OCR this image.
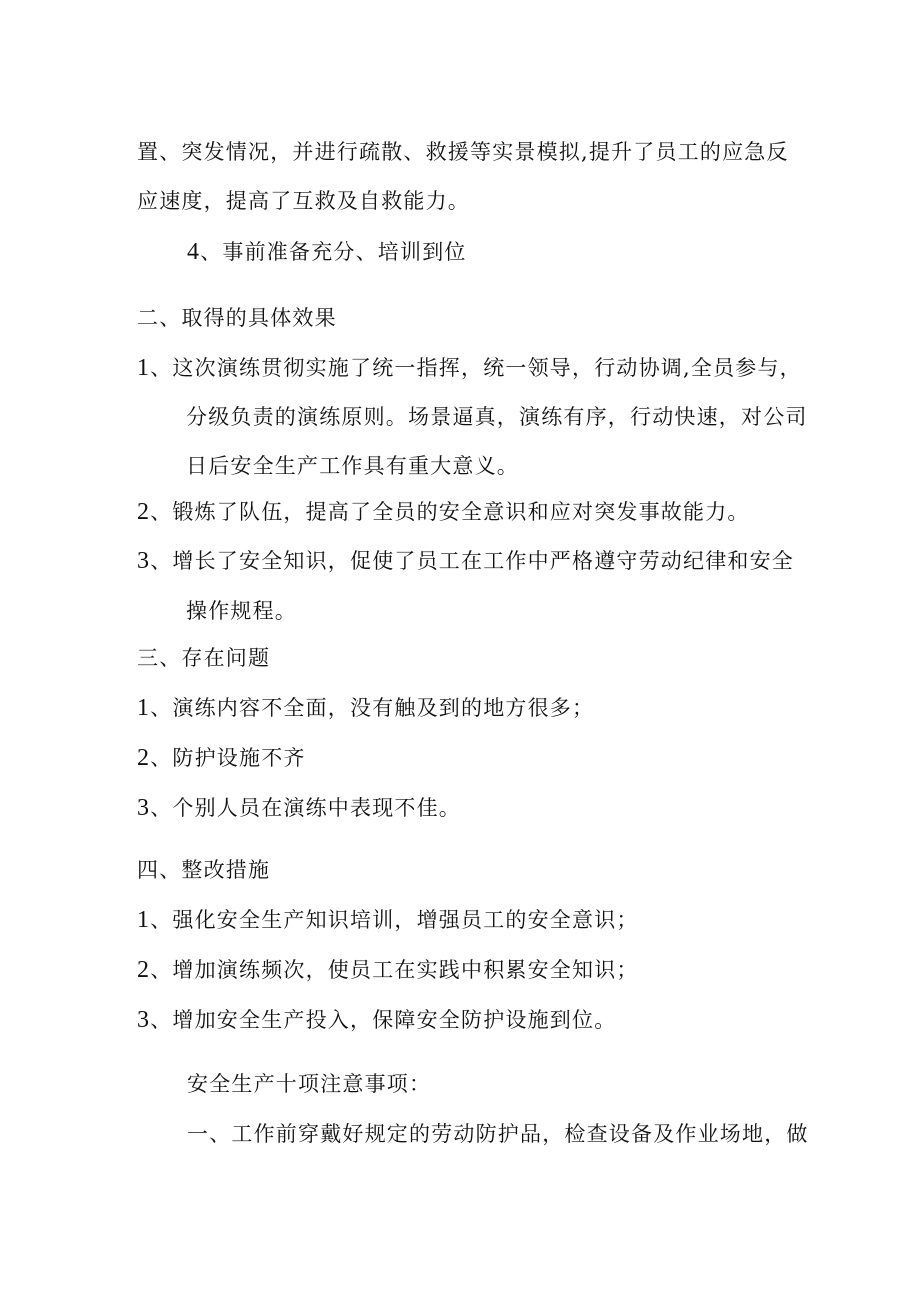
置、突发情况，并进行疏散、救援等实景模拟,提升了员工的应急反
应速度，提高了互救及自救能力。
4、事前准备充分、培训到位
二、取得的具体效果
1、这次演练贯彻实施了统一指挥，统一领导，行动协调,全员参与，
分级负责的演练原则。场景逼真，演练有序，行动快速，对公司
日后安全生产工作具有重大意义。
2、锻炼了队伍，提高了全员的安全意识和应对突发事故能力。
3、增长了安全知识，促使了员工在工作中严格遵守劳动纪律和安全
操作规程。
三、存在问题
1、演练内容不全面，没有触及到的地方很多；
2、防护设施不齐
3、个别人员在演练中表现不佳。
四、整改措施
1、强化安全生产知识培训，增强员工的安全意识；
2、增加演练频次，使员工在实践中积累安全知识；
3、增加安全生产投入，保障安全防护设施到位。
安全生产十项注意事项：
一、工作前穿戴好规定的劳动防护品，检查设备及作业场地，做
